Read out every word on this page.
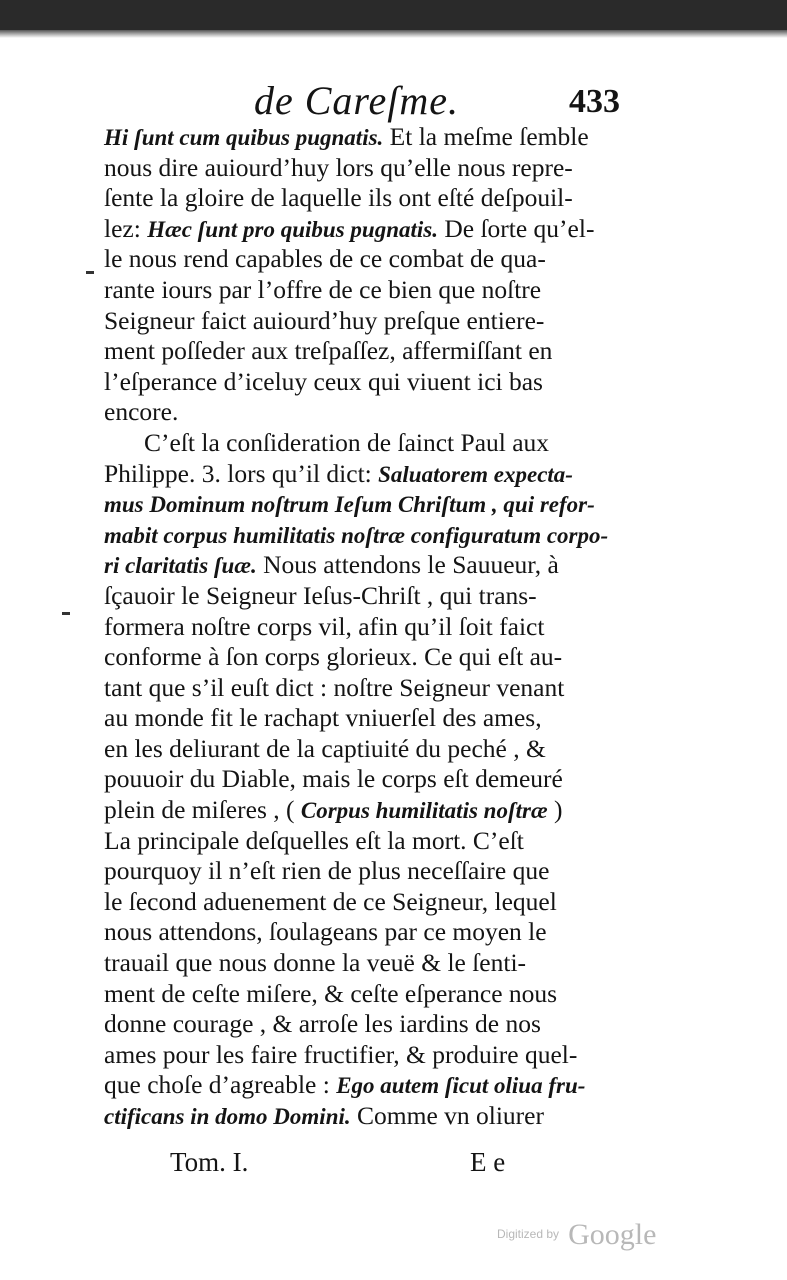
de Careſme.	433

Hi ſunt cum quibus pugnatis. Et la meſme ſemble
nous dire auiourd’huy lors qu’elle nous repre-
ſente la gloire de laquelle ils ont eſté deſpouil-
lez: Hæc ſunt pro quibus pugnatis. De ſorte qu’el-
le nous rend capables de ce combat de qua-
rante iours par l’offre de ce bien que noſtre
Seigneur faict auiourd’huy preſque entiere-
ment poſſeder aux treſpaſſez, affermiſſant en
l’eſperance d’iceluy ceux qui viuent ici bas
encore.
C’eſt la conſideration de ſainct Paul aux
Philippe. 3. lors qu’il dict: Saluatorem expecta-
mus Dominum noſtrum Ieſum Chriſtum , qui refor-
mabit corpus humilitatis noſtræ configuratum corpo-
ri claritatis ſuæ. Nous attendons le Sauueur, à
ſçauoir le Seigneur Ieſus-Chriſt , qui trans-
formera noſtre corps vil, afin qu’il ſoit faict
conforme à ſon corps glorieux. Ce qui eſt au-
tant que s’il euſt dict : noſtre Seigneur venant
au monde fit le rachapt vniuerſel des ames,
en les deliurant de la captiuité du peché , &
pouuoir du Diable, mais le corps eſt demeuré
plein de miſeres , ( Corpus humilitatis noſtræ )
La principale deſquelles eſt la mort. C’eſt
pourquoy il n’eſt rien de plus neceſſaire que
le ſecond aduenement de ce Seigneur, lequel
nous attendons, ſoulageans par ce moyen le
trauail que nous donne la veuë & le ſenti-
ment de ceſte miſere, & ceſte eſperance nous
donne courage , & arroſe les iardins de nos
ames pour les faire fructifier, & produire quel-
que choſe d’agreable : Ego autem ſicut oliua fru-
ctificans in domo Domini. Comme vn oliurer

Tom. I.	E e
$^{Digitized by}$ Google
